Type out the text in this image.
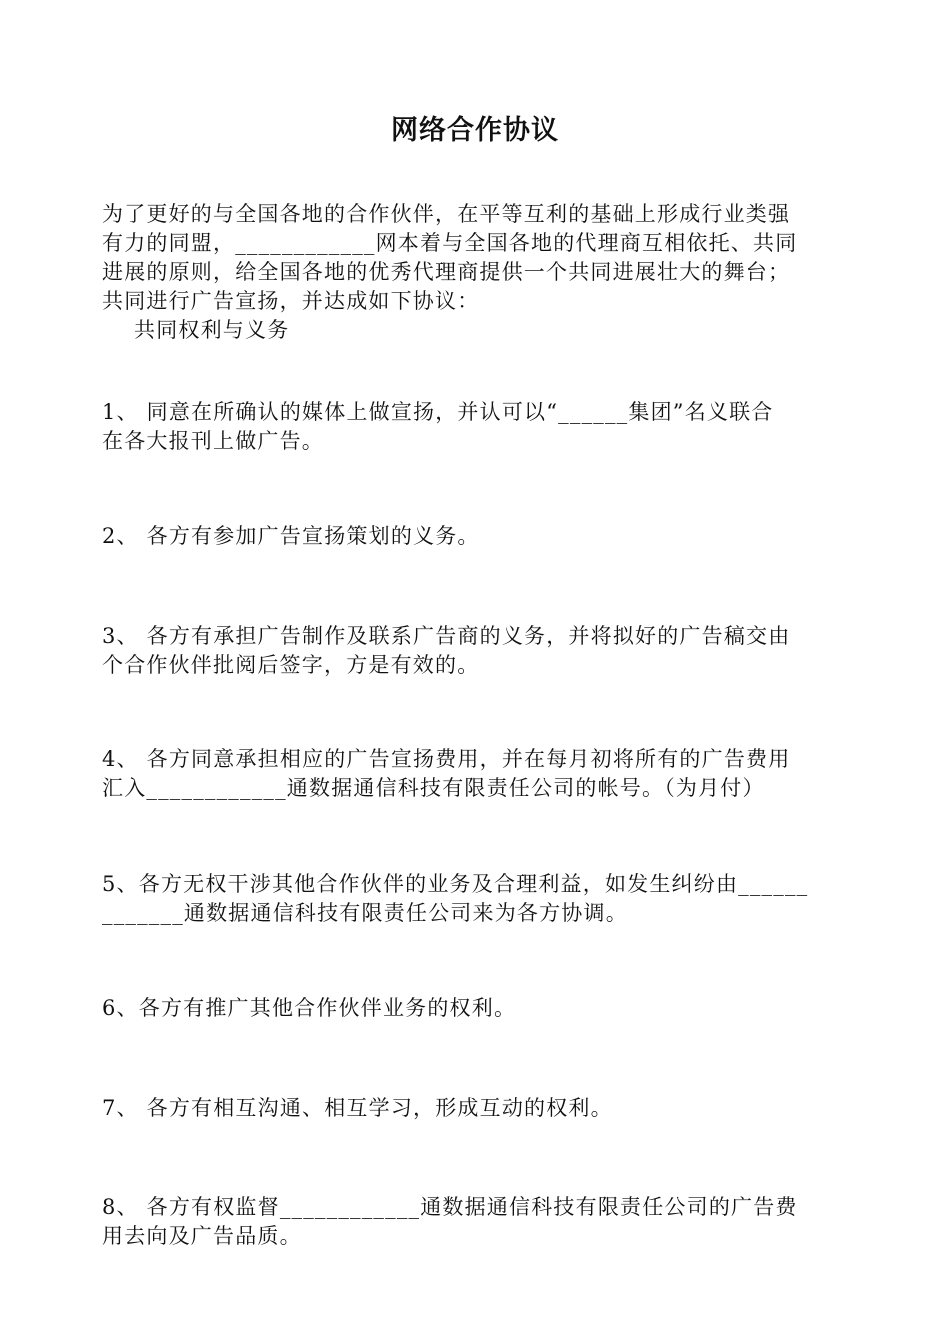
网络合作协议
为了更好的与全国各地的合作伙伴，在平等互利的基础上形成行业类强
有力的同盟，____________网本着与全国各地的代理商互相依托、共同
进展的原则，给全国各地的优秀代理商提供一个共同进展壮大的舞台；
共同进行广告宣扬，并达成如下协议：
共同权利与义务
1、 同意在所确认的媒体上做宣扬，并认可以“______集团”名义联合
在各大报刊上做广告。
2、 各方有参加广告宣扬策划的义务。
3、 各方有承担广告制作及联系广告商的义务，并将拟好的广告稿交由
个合作伙伴批阅后签字，方是有效的。
4、 各方同意承担相应的广告宣扬费用，并在每月初将所有的广告费用
汇入____________通数据通信科技有限责任公司的帐号。（为月付）
5、各方无权干涉其他合作伙伴的业务及合理利益，如发生纠纷由______
_______通数据通信科技有限责任公司来为各方协调。
6、各方有推广其他合作伙伴业务的权利。
7、 各方有相互沟通、相互学习，形成互动的权利。
8、 各方有权监督____________通数据通信科技有限责任公司的广告费
用去向及广告品质。
